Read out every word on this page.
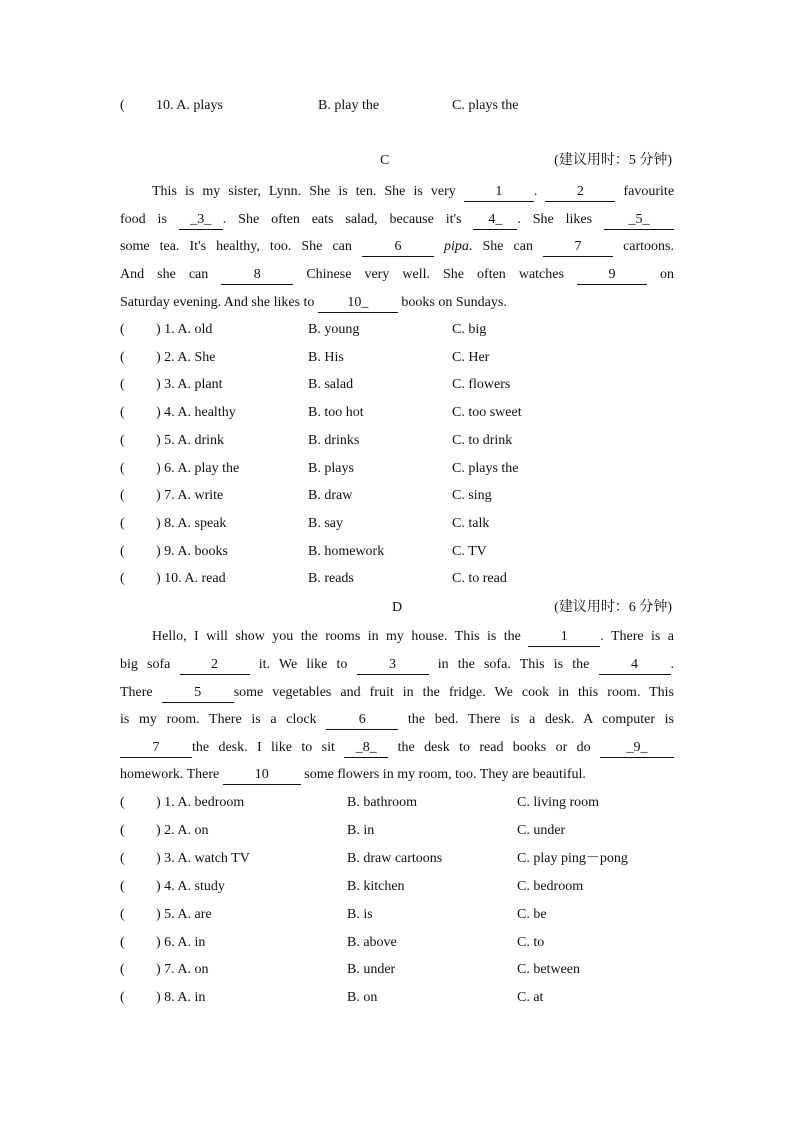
( 10. A. plays	B. play the	C. plays the
C	(建议用时：5 分钟)
This is my sister, Lynn. She is ten. She is very	1 .	2	favourite
food is _3_ . She often eats salad, because it's 4_ . She likes	_5_
some tea. It's healthy, too. She can	6	pipa. She can	7	cartoons.
And she can	8	Chinese very well. She often watches	9	on
Saturday evening. And she likes to 10_ books on Sundays.
( ) 1. A. old	B. young	C. big
( ) 2. A. She	B. His	C. Her
( ) 3. A. plant	B. salad	C. flowers
( ) 4. A. healthy	B. too hot	C. too sweet
( ) 5. A. drink	B. drinks	C. to drink
( ) 6. A. play the	B. plays	C. plays the
( ) 7. A. write	B. draw	C. sing
( ) 8. A. speak	B. say	C. talk
( ) 9. A. books	B. homework	C. TV
( ) 10. A. read	B. reads	C. to read
D	(建议用时：6 分钟)
Hello, I will show you the rooms in my house. This is the	1 . There is a
big sofa	2	it. We like to	3	in the sofa. This is the	4 .
There	5 some vegetables and fruit in the fridge. We cook in this room. This
is my room. There is a clock	6	the bed. There is a desk. A computer is
7 the desk. I like to sit _8_ the desk to read books or do	_9_
homework. There	10	some flowers in my room, too. They are beautiful.
( ) 1. A. bedroom	B. bathroom	C. living room
( ) 2. A. on	B. in	C. under
( ) 3. A. watch TV	B. draw cartoons	C. play ping－pong
( ) 4. A. study	B. kitchen	C. bedroom
( ) 5. A. are	B. is	C. be
( ) 6. A. in	B. above	C. to
( ) 7. A. on	B. under	C. between
( ) 8. A. in	B. on	C. at
